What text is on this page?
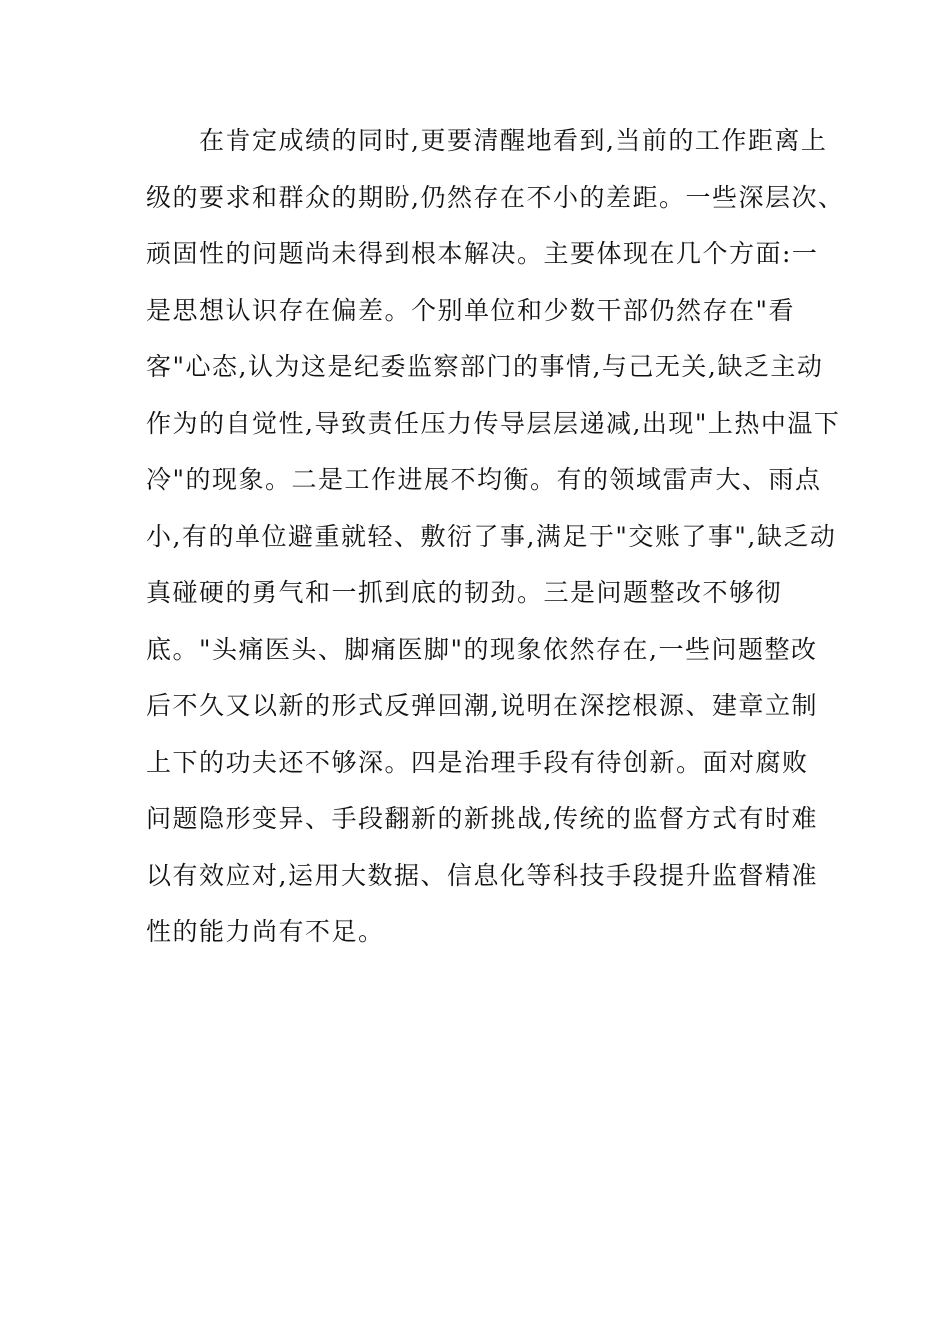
在肯定成绩的同时,更要清醒地看到,当前的工作距离上
级的要求和群众的期盼,仍然存在不小的差距。一些深层次、
顽固性的问题尚未得到根本解决。主要体现在几个方面:一
是思想认识存在偏差。个别单位和少数干部仍然存在"看
客"心态,认为这是纪委监察部门的事情,与己无关,缺乏主动
作为的自觉性,导致责任压力传导层层递减,出现"上热中温下
冷"的现象。二是工作进展不均衡。有的领域雷声大、雨点
小,有的单位避重就轻、敷衍了事,满足于"交账了事",缺乏动
真碰硬的勇气和一抓到底的韧劲。三是问题整改不够彻
底。"头痛医头、脚痛医脚"的现象依然存在,一些问题整改
后不久又以新的形式反弹回潮,说明在深挖根源、建章立制
上下的功夫还不够深。四是治理手段有待创新。面对腐败
问题隐形变异、手段翻新的新挑战,传统的监督方式有时难
以有效应对,运用大数据、信息化等科技手段提升监督精准
性的能力尚有不足。
